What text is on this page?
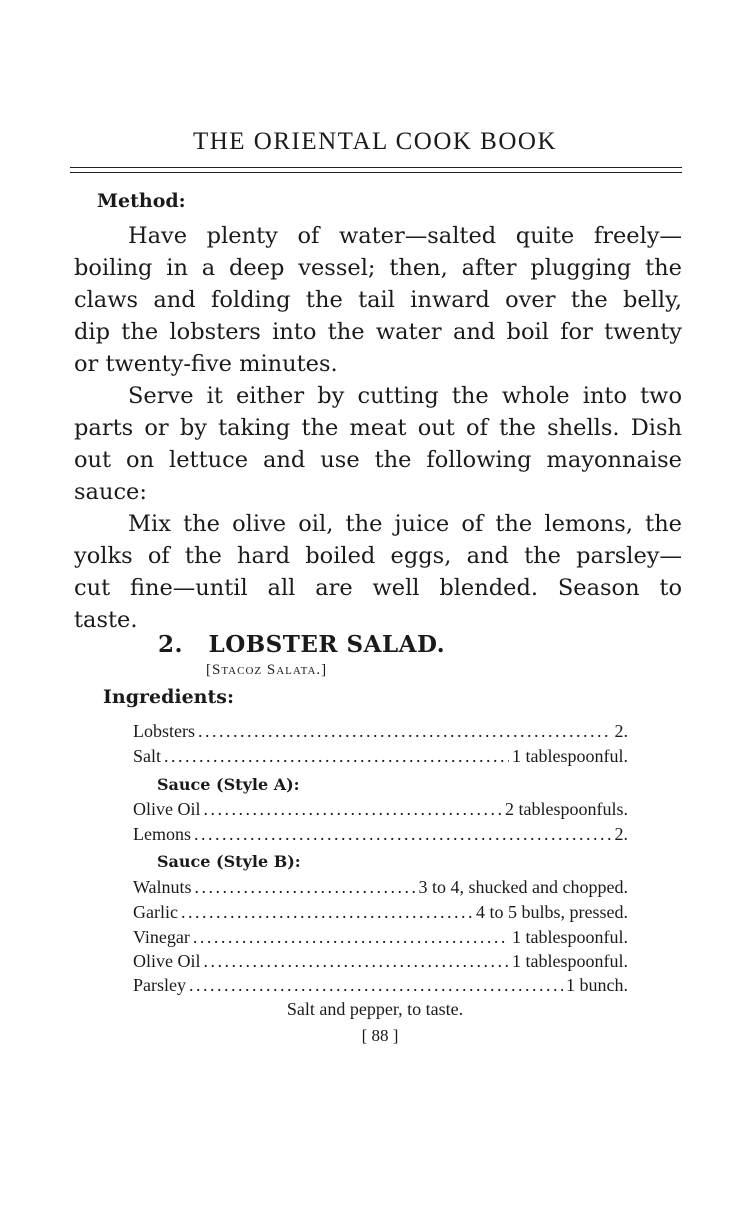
THE ORIENTAL COOK BOOK
Method:
Have plenty of water—salted quite freely—
boiling in a deep vessel; then, after plugging the
claws and folding the tail inward over the belly,
dip the lobsters into the water and boil for twenty
or twenty-five minutes.
Serve it either by cutting the whole into two
parts or by taking the meat out of the shells. Dish
out on lettuce and use the following mayonnaise
sauce:
Mix the olive oil, the juice of the lemons, the
yolks of the hard boiled eggs, and the parsley—
cut fine—until all are well blended. Season to
taste.
2.   LOBSTER SALAD.
[Stacoz Salata.]
Ingredients:
Lobsters .....	2.
Salt .....	1 tablespoonful.
Sauce (Style A):
Olive Oil .....	2 tablespoonfuls.
Lemons .....	2.
Sauce (Style B):
Walnuts .....	3 to 4, shucked and chopped.
Garlic .....	4 to 5 bulbs, pressed.
Vinegar .....	1 tablespoonful.
Olive Oil .....	1 tablespoonful.
Parsley .....	1 bunch.
Salt and pepper, to taste.
[ 88 ]
